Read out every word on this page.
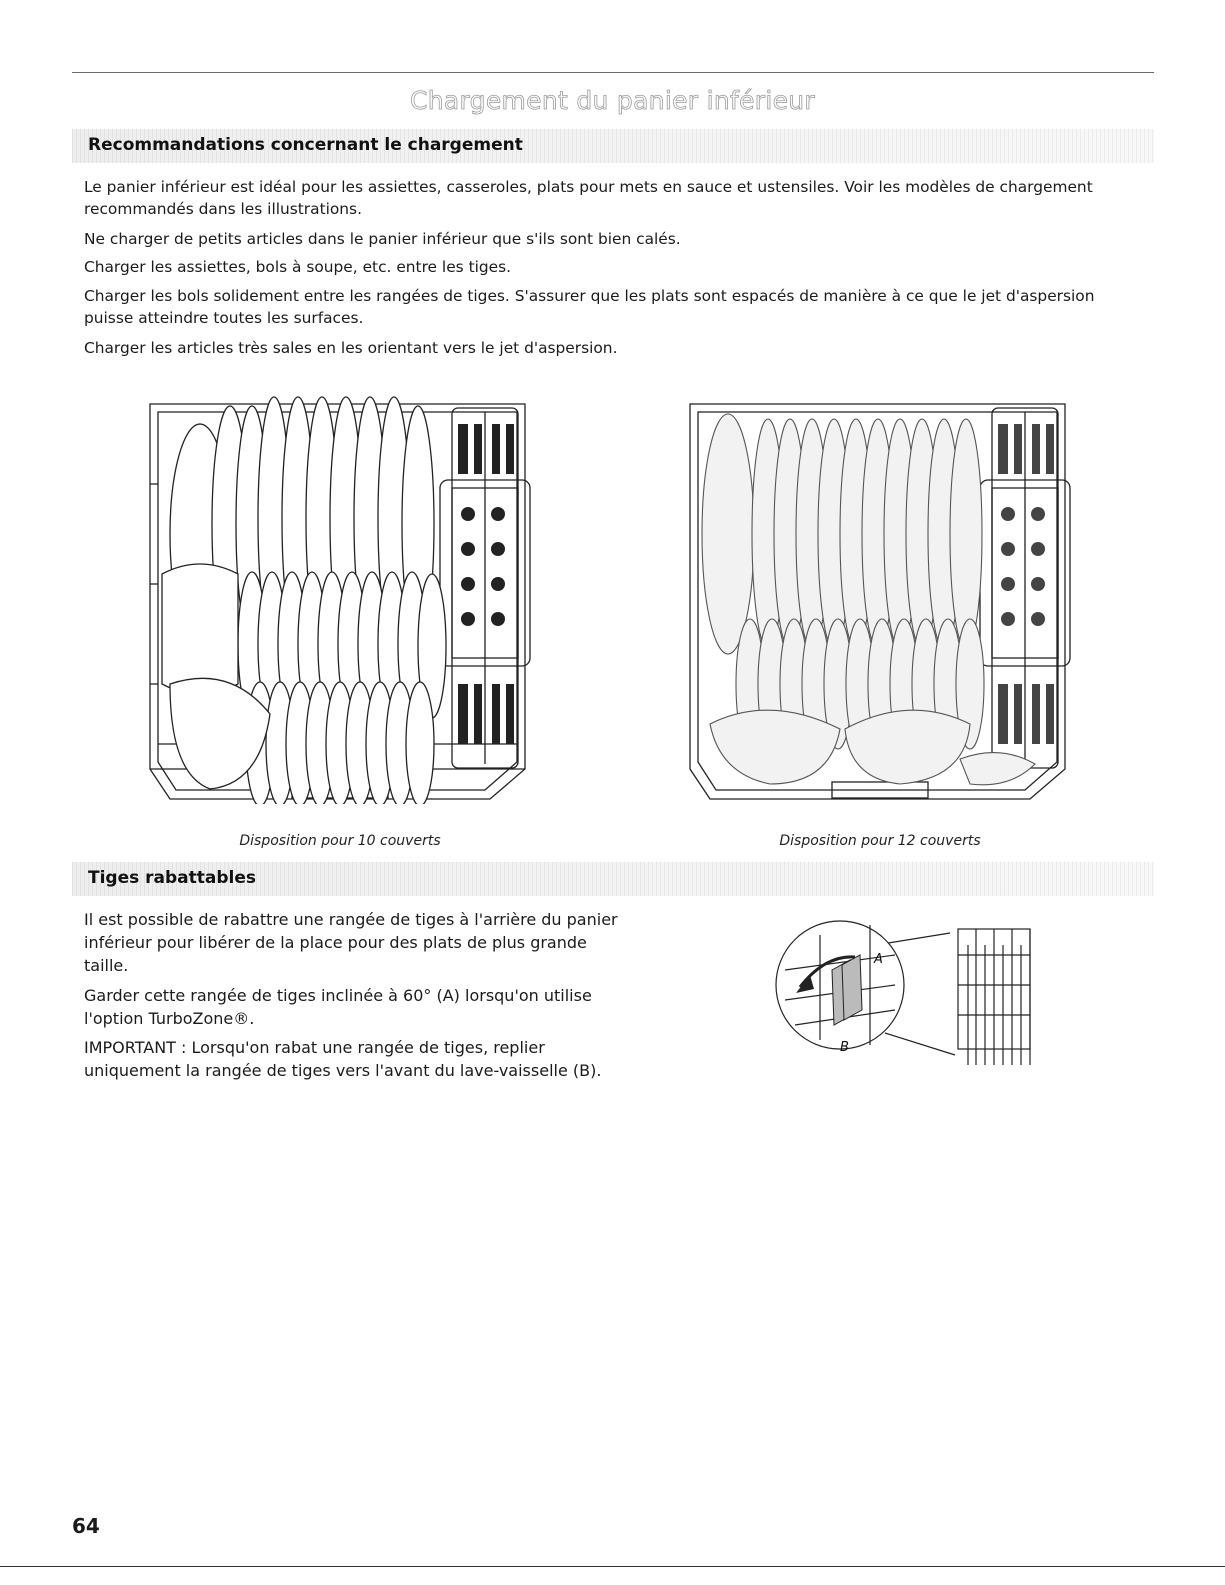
Chargement du panier inférieur
Recommandations concernant le chargement

Le panier inférieur est idéal pour les assiettes, casseroles, plats pour mets en sauce et ustensiles. Voir les modèles de chargement recommandés dans les illustrations.

Ne charger de petits articles dans le panier inférieur que s'ils sont bien calés.

Charger les assiettes, bols à soupe, etc. entre les tiges.

Charger les bols solidement entre les rangées de tiges. S'assurer que les plats sont espacés de manière à ce que le jet d'aspersion puisse atteindre toutes les surfaces.

Charger les articles très sales en les orientant vers le jet d'aspersion.

Disposition pour 10 couverts	Disposition pour 12 couverts
Tiges rabattables

Il est possible de rabattre une rangée de tiges à l'arrière du panier inférieur pour libérer de la place pour des plats de plus grande taille.

Garder cette rangée de tiges inclinée à 60° (A) lorsqu'on utilise l'option TurboZone®.

IMPORTANT : Lorsqu'on rabat une rangée de tiges, replier uniquement la rangée de tiges vers l'avant du lave-vaisselle (B).

A
B
64
